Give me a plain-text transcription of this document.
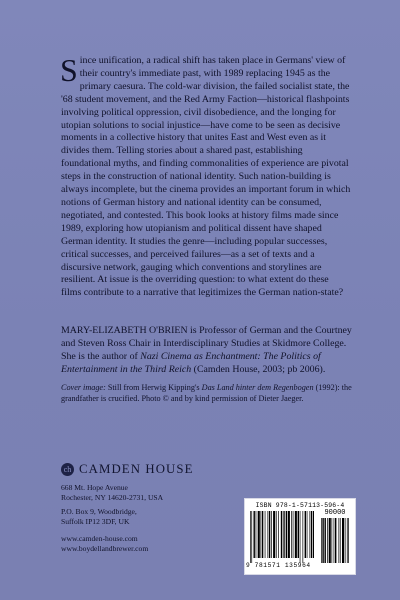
Since unification, a radical shift has taken place in Germans' view of their country's immediate past, with 1989 replacing 1945 as the primary caesura. The cold-war division, the failed socialist state, the '68 student movement, and the Red Army Faction—historical flashpoints involving political oppression, civil disobedience, and the longing for utopian solutions to social injustice—have come to be seen as decisive moments in a collective history that unites East and West even as it divides them. Telling stories about a shared past, establishing foundational myths, and finding commonalities of experience are pivotal steps in the construction of national identity. Such nation-building is always incomplete, but the cinema provides an important forum in which notions of German history and national identity can be consumed, negotiated, and contested. This book looks at history films made since 1989, exploring how utopianism and political dissent have shaped German identity. It studies the genre—including popular successes, critical successes, and perceived failures—as a set of texts and a discursive network, gauging which conventions and storylines are resilient. At issue is the overriding question: to what extent do these films contribute to a narrative that legitimizes the German nation-state?

MARY-ELIZABETH O'BRIEN is Professor of German and the Courtney and Steven Ross Chair in Interdisciplinary Studies at Skidmore College. She is the author of Nazi Cinema as Enchantment: The Politics of Entertainment in the Third Reich (Camden House, 2003; pb 2006).

Cover image: Still from Herwig Kipping's Das Land hinter dem Regenbogen (1992): the grandfather is crucified. Photo © and by kind permission of Dieter Jaeger.

ch CAMDEN HOUSE

668 Mt. Hope Avenue
Rochester, NY 14620-2731, USA

P.O. Box 9, Woodbridge,
Suffolk IP12 3DF, UK

www.camden-house.com
www.boydellandbrewer.com

ISBN 978-1-57113-596-4
90000
9 781571 135964
